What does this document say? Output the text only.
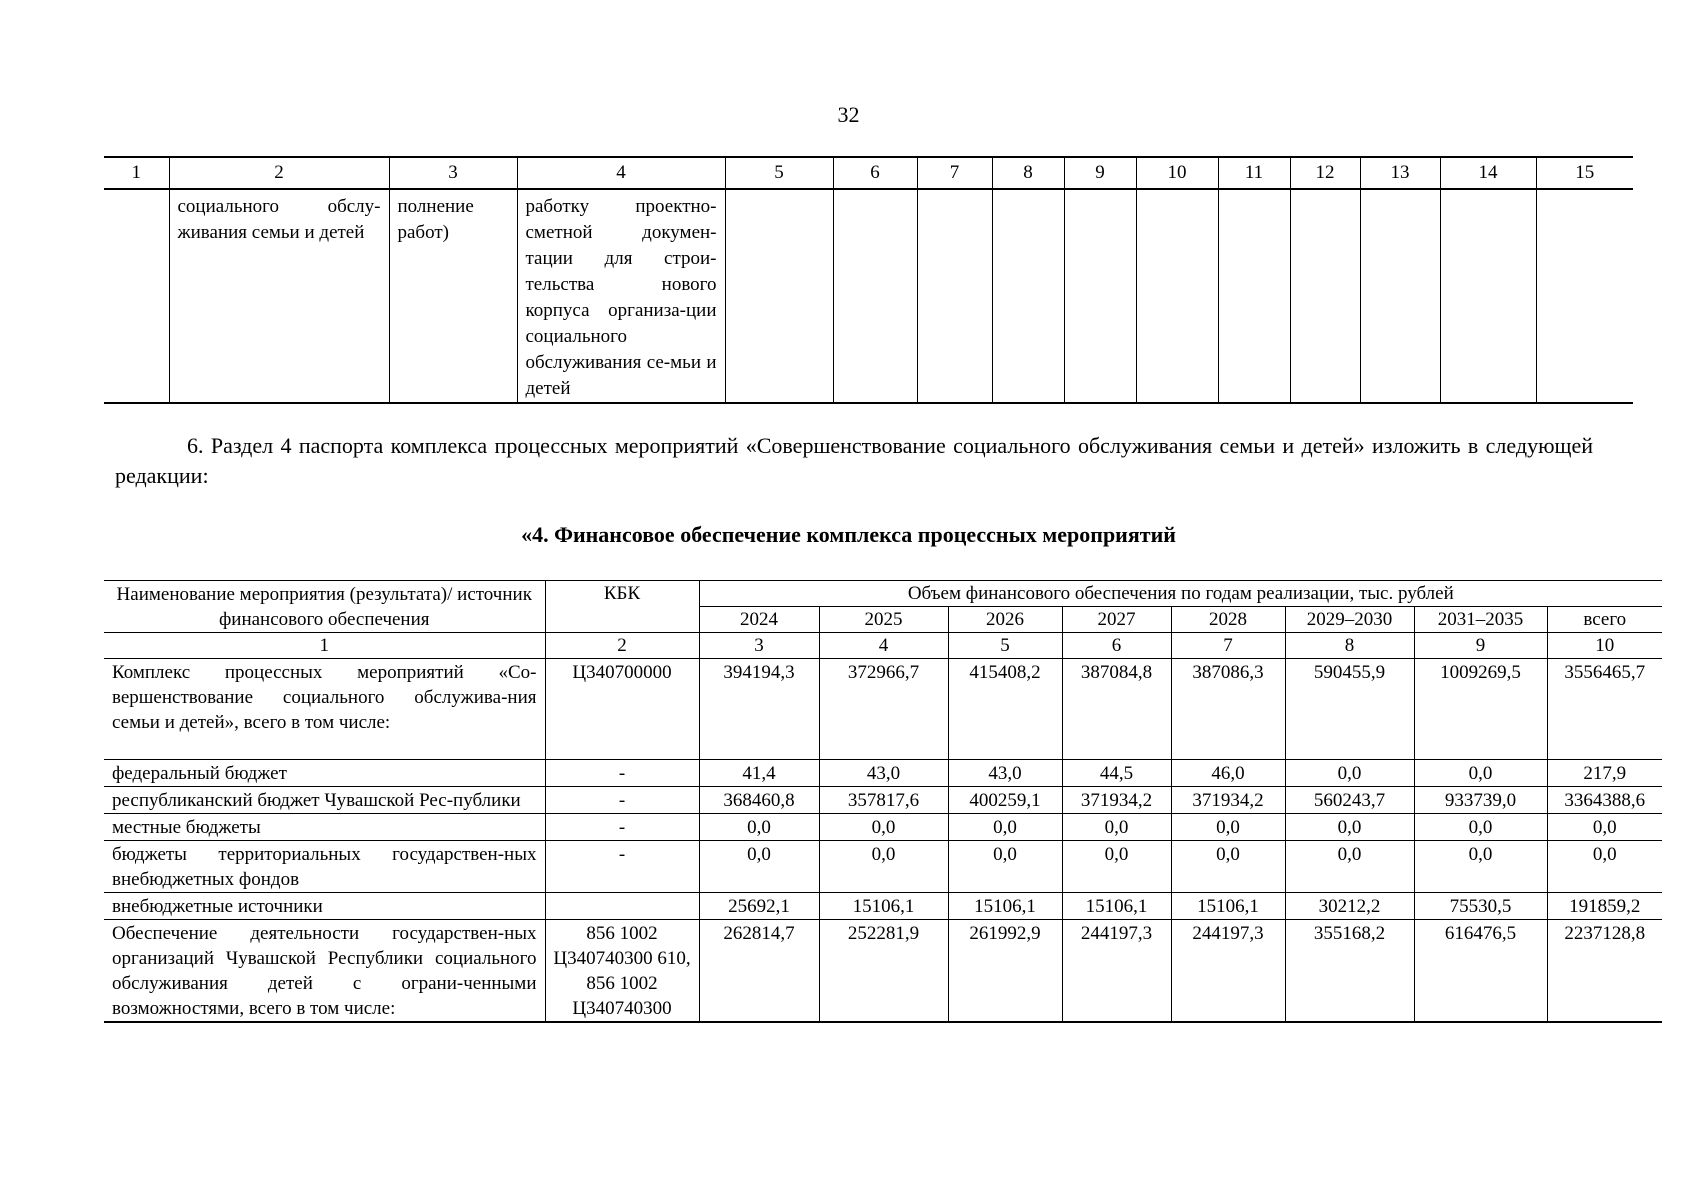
32
1	2	3	4	5	6	7	8	9	10	11	12	13	14	15
	социального обслу-живания семьи и детей	полнение работ)	работку проектно-сметной докумен-тации для строи-тельства нового корпуса организа-ции социального обслуживания се-мьи и детей											
6. Раздел 4 паспорта комплекса процессных мероприятий «Совершенствование социального обслуживания семьи и детей» изложить в следующей редакции:
«4. Финансовое обеспечение комплекса процессных мероприятий
Наименование мероприятия (результата)/ источник финансового обеспечения	КБК	Объем финансового обеспечения по годам реализации, тыс. рублей							
		2024	2025	2026	2027	2028	2029–2030	2031–2035	всего
1	2	3	4	5	6	7	8	9	10
Комплекс процессных мероприятий «Со-вершенствование социального обслужива-ния семьи и детей», всего в том числе:	Ц340700000	394194,3	372966,7	415408,2	387084,8	387086,3	590455,9	1009269,5	3556465,7
федеральный бюджет	-	41,4	43,0	43,0	44,5	46,0	0,0	0,0	217,9
республиканский бюджет Чувашской Рес-публики	-	368460,8	357817,6	400259,1	371934,2	371934,2	560243,7	933739,0	3364388,6
местные бюджеты	-	0,0	0,0	0,0	0,0	0,0	0,0	0,0	0,0
бюджеты территориальных государствен-ных внебюджетных фондов	-	0,0	0,0	0,0	0,0	0,0	0,0	0,0	0,0
внебюджетные источники		25692,1	15106,1	15106,1	15106,1	15106,1	30212,2	75530,5	191859,2
Обеспечение деятельности государствен-ных организаций Чувашской Республики социального обслуживания детей с ограни-ченными возможностями, всего в том числе:	856 1002 Ц340740300 610, 856 1002 Ц340740300	262814,7	252281,9	261992,9	244197,3	244197,3	355168,2	616476,5	2237128,8
